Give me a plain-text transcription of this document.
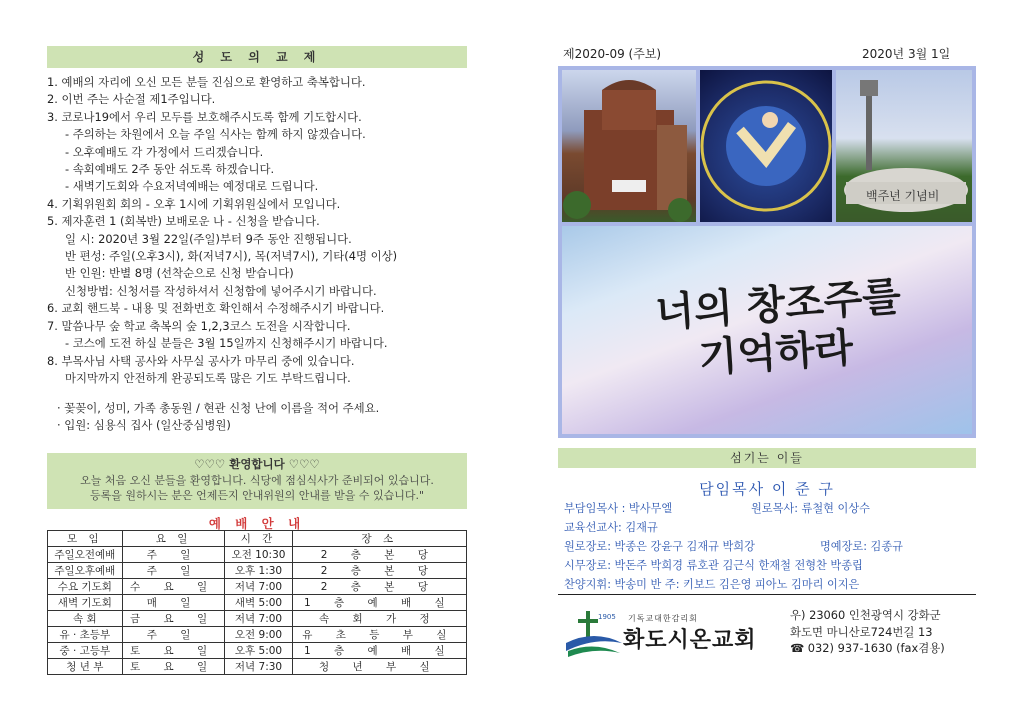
성 도 의 교 제
1. 예배의 자리에 오신 모든 분들 진심으로 환영하고 축복합니다.
2. 이번 주는 사순절 제1주입니다.
3. 코로나19에서 우리 모두를 보호해주시도록 함께 기도합시다.
- 주의하는 차원에서 오늘 주일 식사는 함께 하지 않겠습니다.
- 오후예배도 각 가정에서 드리겠습니다.
- 속회예배도 2주 동안 쉬도록 하겠습니다.
- 새벽기도회와 수요저녁예배는 예정대로 드립니다.
4. 기획위원회 회의 - 오후 1시에 기획위원실에서 모입니다.
5. 제자훈련 1 (회복반) 보배로운 나 - 신청을 받습니다.
일 시: 2020년 3월 22일(주일)부터 9주 동안 진행됩니다.
반 편성: 주일(오후3시), 화(저녁7시), 목(저녁7시), 기타(4명 이상)
반 인원: 반별 8명 (선착순으로 신청 받습니다)
신청방법: 신청서를 작성하셔서 신청함에 넣어주시기 바랍니다.
6. 교회 핸드북 - 내용 및 전화번호 확인해서 수정해주시기 바랍니다.
7. 말씀나무 숲 학교 축복의 숲 1,2,3코스 도전을 시작합니다.
- 코스에 도전 하실 분들은 3월 15일까지 신청해주시기 바랍니다.
8. 부목사님 사택 공사와 사무실 공사가 마무리 중에 있습니다.
마지막까지 안전하게 완공되도록 많은 기도 부탁드립니다.
· 꽃꽂이, 성미, 가족 총동원 / 현관 신청 난에 이름을 적어 주세요.
· 입원: 심용식 집사 (일산중심병원)
♡♡♡ 환영합니다 ♡♡♡
오늘 처음 오신 분들을 환영합니다. 식당에 점심식사가 준비되어 있습니다.
등록을 원하시는 분은 언제든지 안내위원의 안내를 받을 수 있습니다."
예 배 안 내
모 임	요 일	시 간	장 소
주일오전예배	주 일	오전 10:30	2 층 본 당
주일오후예배	주 일	오후 1:30	2 층 본 당
수요 기도회	수 요 일	저녁 7:00	2 층 본 당
새벽 기도회	매 일	새벽 5:00	1 층 예 배 실
속 회	금 요 일	저녁 7:00	속 회 가 정
유 · 초등부	주 일	오전 9:00	유 초 등 부 실
중 · 고등부	토 요 일	오후 5:00	1 층 예 배 실
청 년 부	토 요 일	저녁 7:30	청 년 부 실
제2020-09 (주보)	2020년 3월 1일
백주년 기념비
너의 창조주를
기억하라
섬기는 이들
담임목사 이 준 구
부담임목사 : 박사무엘	원로목사: 류철현 이상수
교육선교사: 김재규
원로장로: 박종은 강윤구 김재규 박희강	명예장로: 김종규
시무장로: 박돈주 박희경 류호관 김근식 한재철 전형찬 박종립
찬양지휘: 박송미 반 주: 키보드 김은영 피아노 김마리 이지은
1905 기독교대한감리회
화도시온교회
우) 23060 인천광역시 강화군
화도면 마니산로724번길 13
☎ 032) 937-1630 (fax겸용)
